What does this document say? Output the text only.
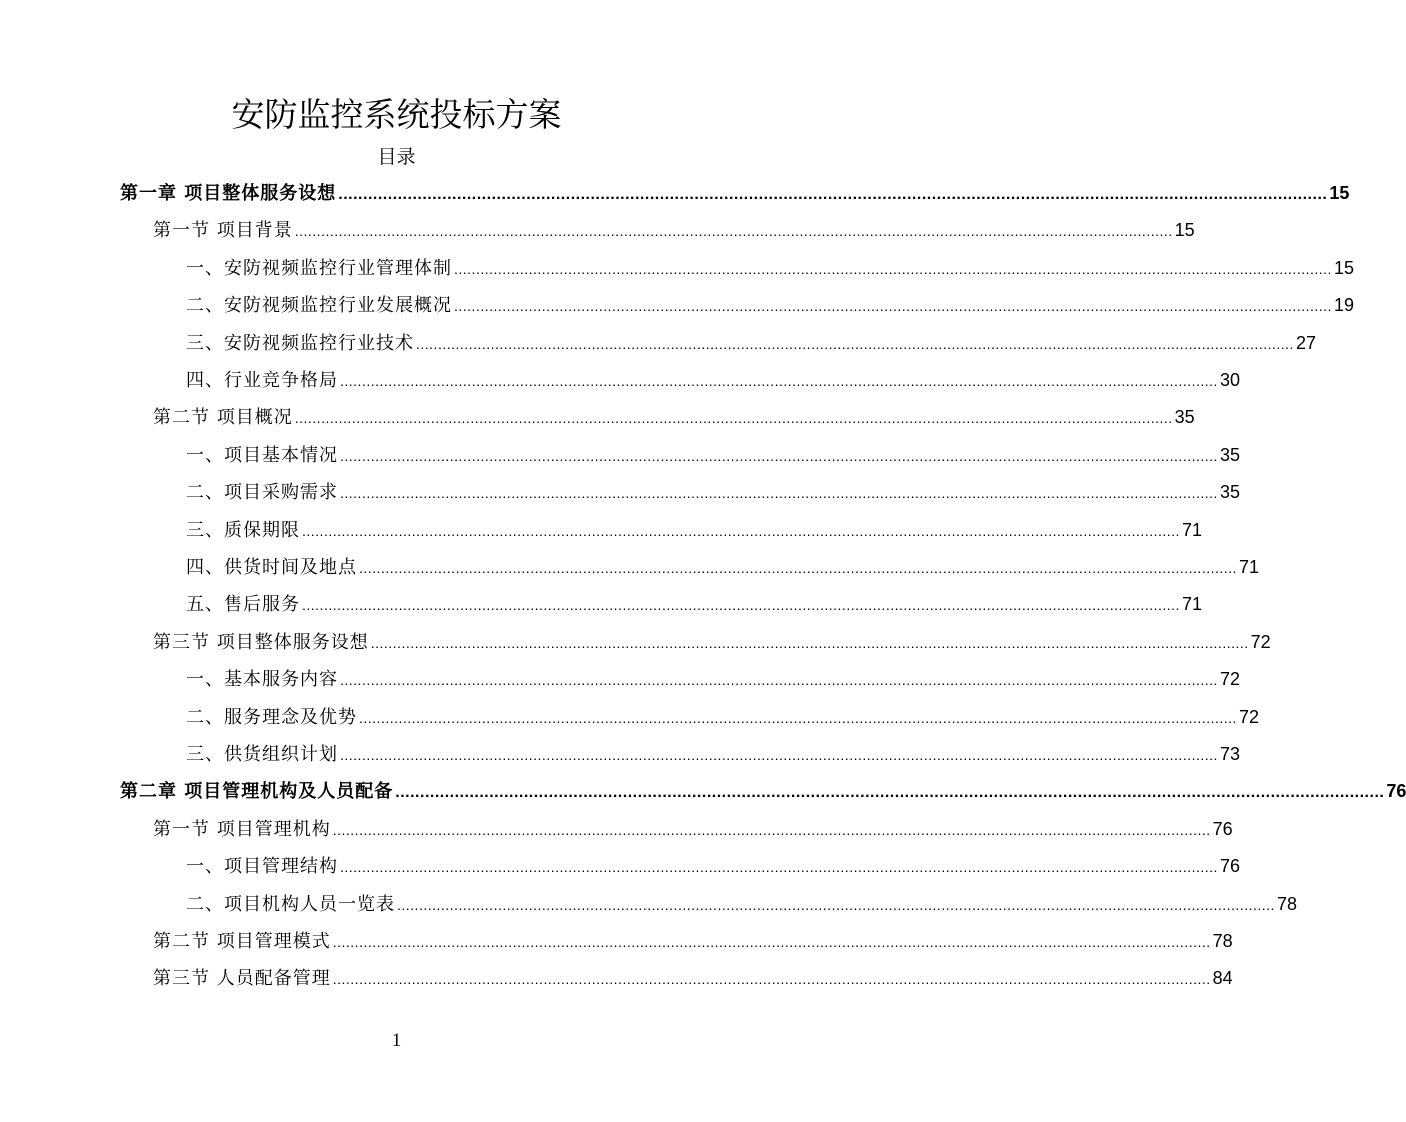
安防监控系统投标方案
目录
第一章 项目整体服务设想 ........................................................................................................................................................................................................ 15
第一节 项目背景 ........................................................................................................................................................................................................ 15
一、安防视频监控行业管理体制 ........................................................................................................................................................................................................ 15
二、安防视频监控行业发展概况 ........................................................................................................................................................................................................ 19
三、安防视频监控行业技术 ........................................................................................................................................................................................................ 27
四、行业竞争格局 ........................................................................................................................................................................................................ 30
第二节 项目概况 ........................................................................................................................................................................................................ 35
一、项目基本情况 ........................................................................................................................................................................................................ 35
二、项目采购需求 ........................................................................................................................................................................................................ 35
三、质保期限 ........................................................................................................................................................................................................ 71
四、供货时间及地点 ........................................................................................................................................................................................................ 71
五、售后服务 ........................................................................................................................................................................................................ 71
第三节 项目整体服务设想 ........................................................................................................................................................................................................ 72
一、基本服务内容 ........................................................................................................................................................................................................ 72
二、服务理念及优势 ........................................................................................................................................................................................................ 72
三、供货组织计划 ........................................................................................................................................................................................................ 73
第二章 项目管理机构及人员配备 ........................................................................................................................................................................................................ 76
第一节 项目管理机构 ........................................................................................................................................................................................................ 76
一、项目管理结构 ........................................................................................................................................................................................................ 76
二、项目机构人员一览表 ........................................................................................................................................................................................................ 78
第二节 项目管理模式 ........................................................................................................................................................................................................ 78
第三节 人员配备管理 ........................................................................................................................................................................................................ 84
1
